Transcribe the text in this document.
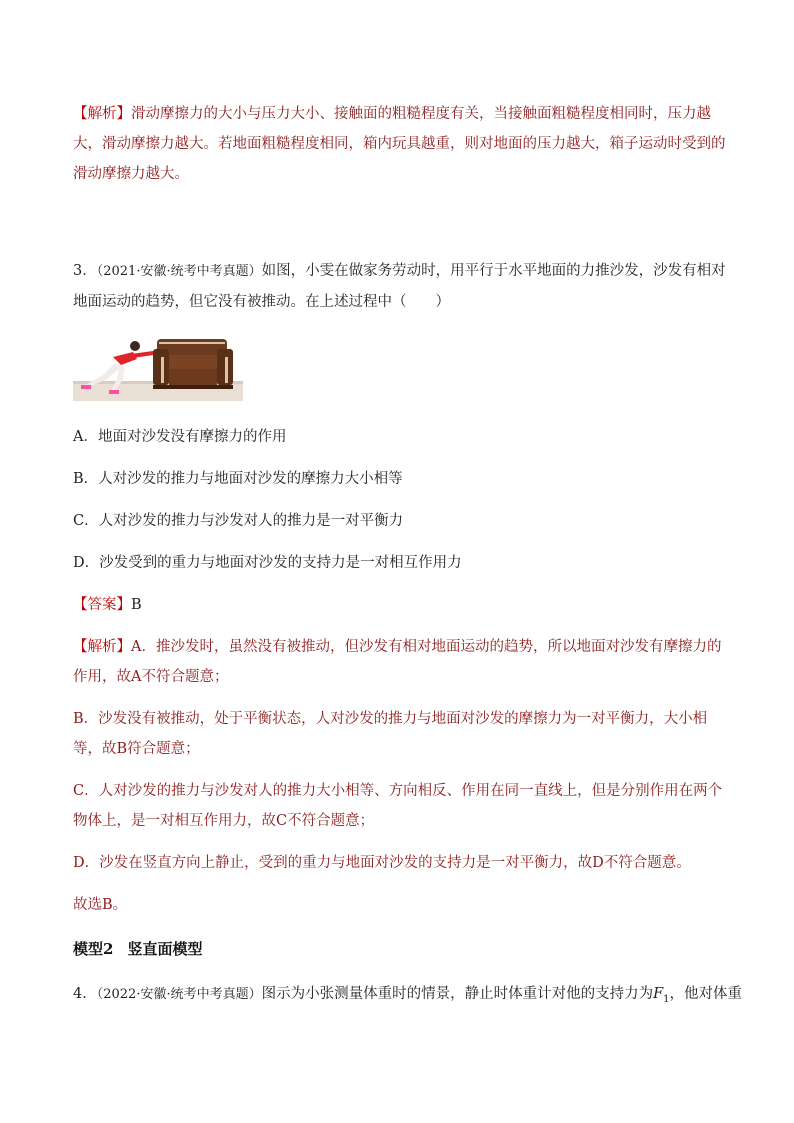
【解析】滑动摩擦力的大小与压力大小、接触面的粗糙程度有关，当接触面粗糙程度相同时，压力越大，滑动摩擦力越大。若地面粗糙程度相同，箱内玩具越重，则对地面的压力越大，箱子运动时受到的滑动摩擦力越大。
3．（2021·安徽·统考中考真题）如图，小雯在做家务劳动时，用平行于水平地面的力推沙发，沙发有相对地面运动的趋势，但它没有被推动。在上述过程中（　　）
A．地面对沙发没有摩擦力的作用
B．人对沙发的推力与地面对沙发的摩擦力大小相等
C．人对沙发的推力与沙发对人的推力是一对平衡力
D．沙发受到的重力与地面对沙发的支持力是一对相互作用力
【答案】B
【解析】A．推沙发时，虽然没有被推动，但沙发有相对地面运动的趋势，所以地面对沙发有摩擦力的作用，故A不符合题意；
B．沙发没有被推动，处于平衡状态，人对沙发的推力与地面对沙发的摩擦力为一对平衡力，大小相等，故B符合题意；
C．人对沙发的推力与沙发对人的推力大小相等、方向相反、作用在同一直线上，但是分别作用在两个物体上，是一对相互作用力，故C不符合题意；
D．沙发在竖直方向上静止，受到的重力与地面对沙发的支持力是一对平衡力，故D不符合题意。
故选B。
模型2 竖直面模型
4．（2022·安徽·统考中考真题）图示为小张测量体重时的情景，静止时体重计对他的支持力为$F_1$，他对体重
